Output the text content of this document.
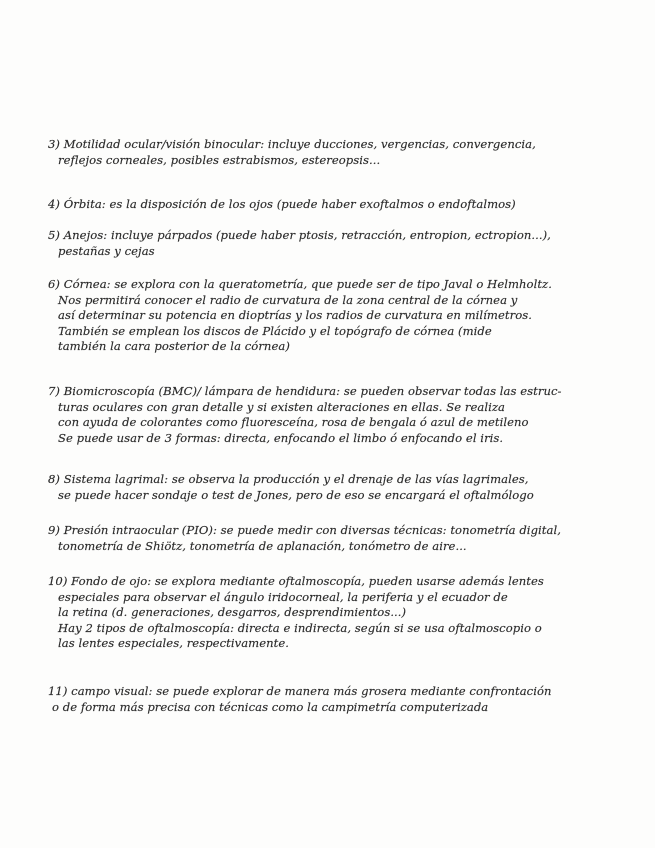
3) Motilidad ocular/visión binocular: incluye ducciones, vergencias, convergencia,
reflejos corneales, posibles estrabismos, estereopsis...
4) Órbita: es la disposición de los ojos (puede haber exoftalmos o endoftalmos)
5) Anejos: incluye párpados (puede haber ptosis, retracción, entropion, ectropion...),
pestañas y cejas
6) Córnea: se explora con la queratometría, que puede ser de tipo Javal o Helmholtz.
Nos permitirá conocer el radio de curvatura de la zona central de la córnea y
así determinar su potencia en dioptrías y los radios de curvatura en milímetros.
También se emplean los discos de Plácido y el topógrafo de córnea (mide
también la cara posterior de la córnea)
7) Biomicroscopía (BMC)/ lámpara de hendidura: se pueden observar todas las estruc-
turas oculares con gran detalle y si existen alteraciones en ellas. Se realiza
con ayuda de colorantes como fluoresceína, rosa de bengala ó azul de metileno
Se puede usar de 3 formas: directa, enfocando el limbo ó enfocando el iris.
8) Sistema lagrimal: se observa la producción y el drenaje de las vías lagrimales,
se puede hacer sondaje o test de Jones, pero de eso se encargará el oftalmólogo
9) Presión intraocular (PIO): se puede medir con diversas técnicas: tonometría digital,
tonometría de Shiötz, tonometría de aplanación, tonómetro de aire...
10) Fondo de ojo: se explora mediante oftalmoscopía, pueden usarse además lentes
especiales para observar el ángulo iridocorneal, la periferia y el ecuador de
la retina (d. generaciones, desgarros, desprendimientos...)
Hay 2 tipos de oftalmoscopía: directa e indirecta, según si se usa oftalmoscopio o
las lentes especiales, respectivamente.
11) campo visual: se puede explorar de manera más grosera mediante confrontación
o de forma más precisa con técnicas como la campimetría computerizada
